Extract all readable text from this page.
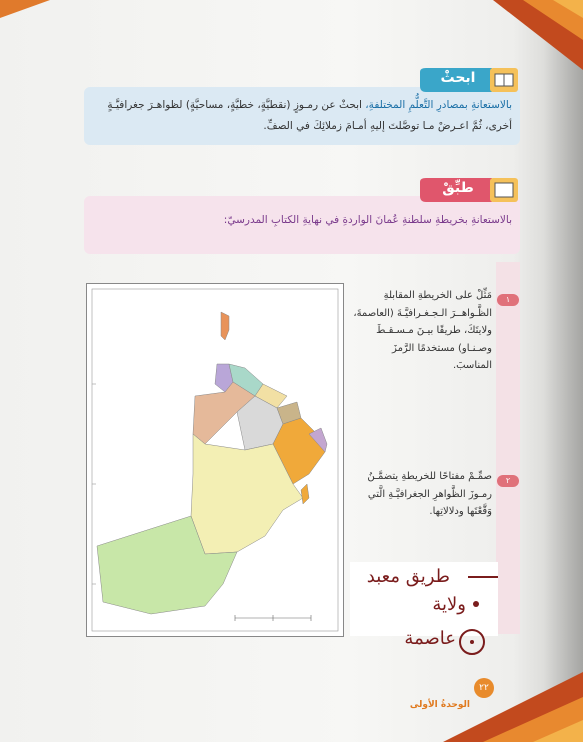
ابحثْ
بالاستعانةِ بمصادرِ التَّعلُّمِ المختلفةِ، ابحثْ عن رمـوزٍ (نقطيَّةٍ، خطيَّةٍ، مساحيَّةٍ) لظواهـرَ جغرافيَّـةٍ أخرى، ثُمَّ اعـرضْ مـا توصَّلتَ إليهِ أمـامَ زملائِكَ في الصفِّ.
طبِّقْ
بالاستعانةِ بخريطةِ سلطنةِ عُمانَ الواردةِ في نهايةِ الكتابِ المدرسيّ:
١
مَثِّلْ على الخريطةِ المقابلةِ الظَّـواهــرَ الـجـغـرافيَّـةَ (العاصمةَ، ولايتَكَ، طريقًا بيـنَ مـسـقـطَ وصـنـاو) مستخدمًا الرَّمزَ المناسبَ.
٢
صمِّـمْ مفتاحًا للخريطةِ يتضمَّـنُ رمـوزَ الظَّواهرِ الجغرافيَّـةِ الَّتي وَقَّعْتَها ودلالاتِها.
طريق معبد
ولاية
عاصمة
٢٢
الوحدةُ الأولى
